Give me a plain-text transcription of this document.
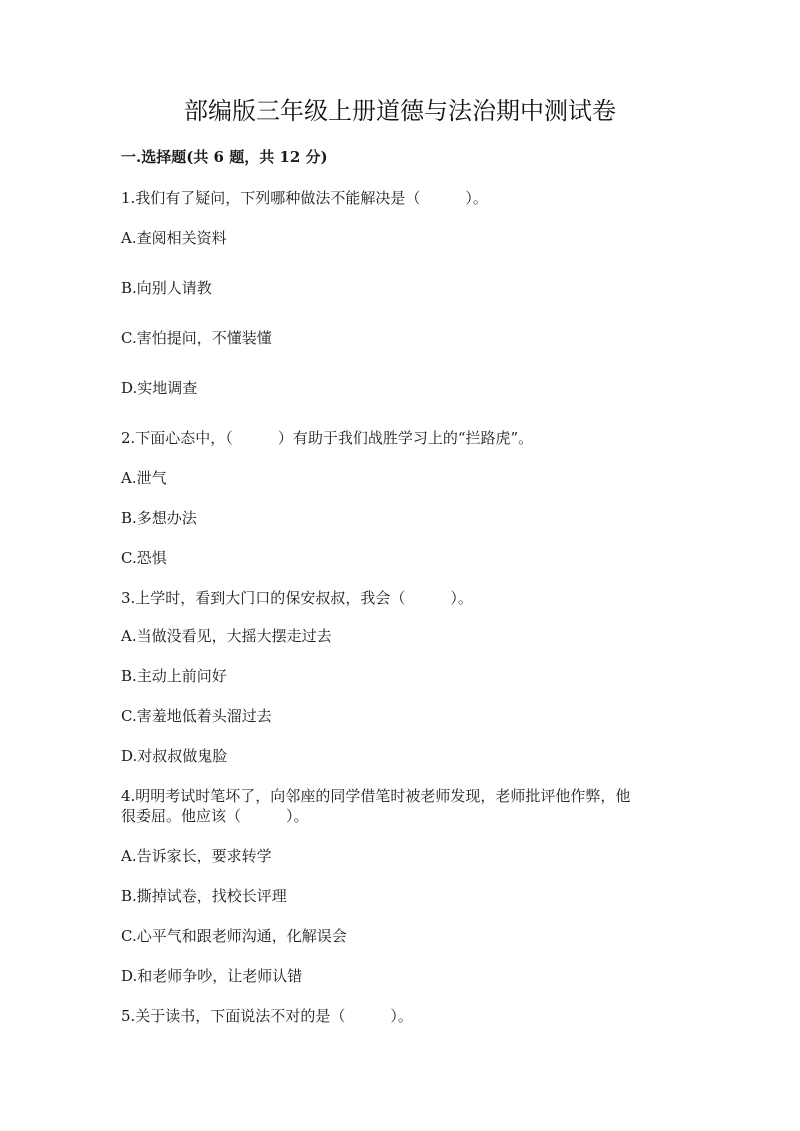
部编版三年级上册道德与法治期中测试卷
一.选择题(共 6 题，共 12 分)
1.我们有了疑问，下列哪种做法不能解决是（　　　）。
A.查阅相关资料
B.向别人请教
C.害怕提问，不懂装懂
D.实地调查
2.下面心态中，（　　　）有助于我们战胜学习上的“拦路虎”。
A.泄气
B.多想办法
C.恐惧
3.上学时，看到大门口的保安叔叔，我会（　　　）。
A.当做没看见，大摇大摆走过去
B.主动上前问好
C.害羞地低着头溜过去
D.对叔叔做鬼脸
4.明明考试时笔坏了，向邻座的同学借笔时被老师发现，老师批评他作弊，他
很委屈。他应该（　　　）。
A.告诉家长，要求转学
B.撕掉试卷，找校长评理
C.心平气和跟老师沟通，化解误会
D.和老师争吵，让老师认错
5.关于读书，下面说法不对的是（　　　）。
